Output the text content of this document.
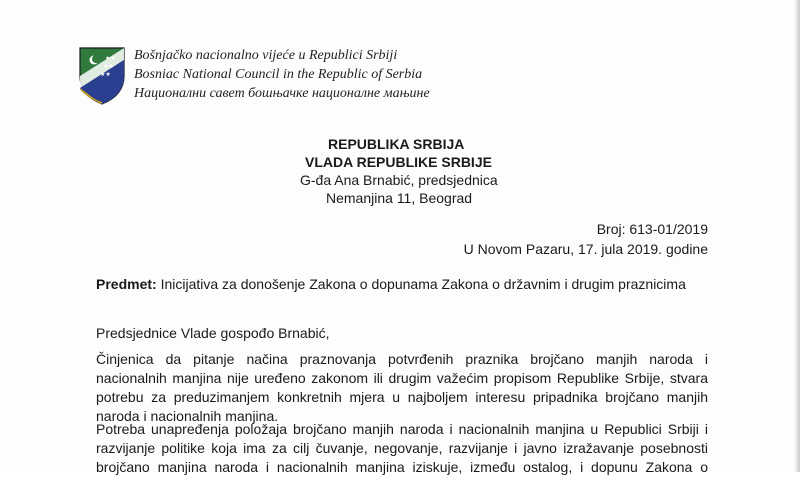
★★
★★
★★
Bošnjačko nacionalno vijeće u Republici Srbiji
Bosniac National Council in the Republic of Serbia
Национални савет бошњачке националне мањине
REPUBLIKA SRBIJA
VLADA REPUBLIKE SRBIJE
G-đa Ana Brnabić, predsjednica
Nemanjina 11, Beograd
Broj: 613-01/2019
U Novom Pazaru, 17. jula 2019. godine
Predmet: Inicijativa za donošenje Zakona o dopunama Zakona o državnim i drugim praznicima
Predsjednice Vlade gospođo Brnabić,
Činjenica da pitanje načina praznovanja potvrđenih praznika brojčano manjih naroda i
nacionalnih manjina nije uređeno zakonom ili drugim važećim propisom Republike Srbije, stvara
potrebu za preduzimanjem konkretnih mjera u najboljem interesu pripadnika brojčano manjih
naroda i nacionalnih manjina.
Potreba unapređenja položaja brojčano manjih naroda i nacionalnih manjina u Republici Srbiji i
razvijanje politike koja ima za cilj čuvanje, negovanje, razvijanje i javno izražavanje posebnosti
brojčano manjina naroda i nacionalnih manjina iziskuje, između ostalog, i dopunu Zakona o
